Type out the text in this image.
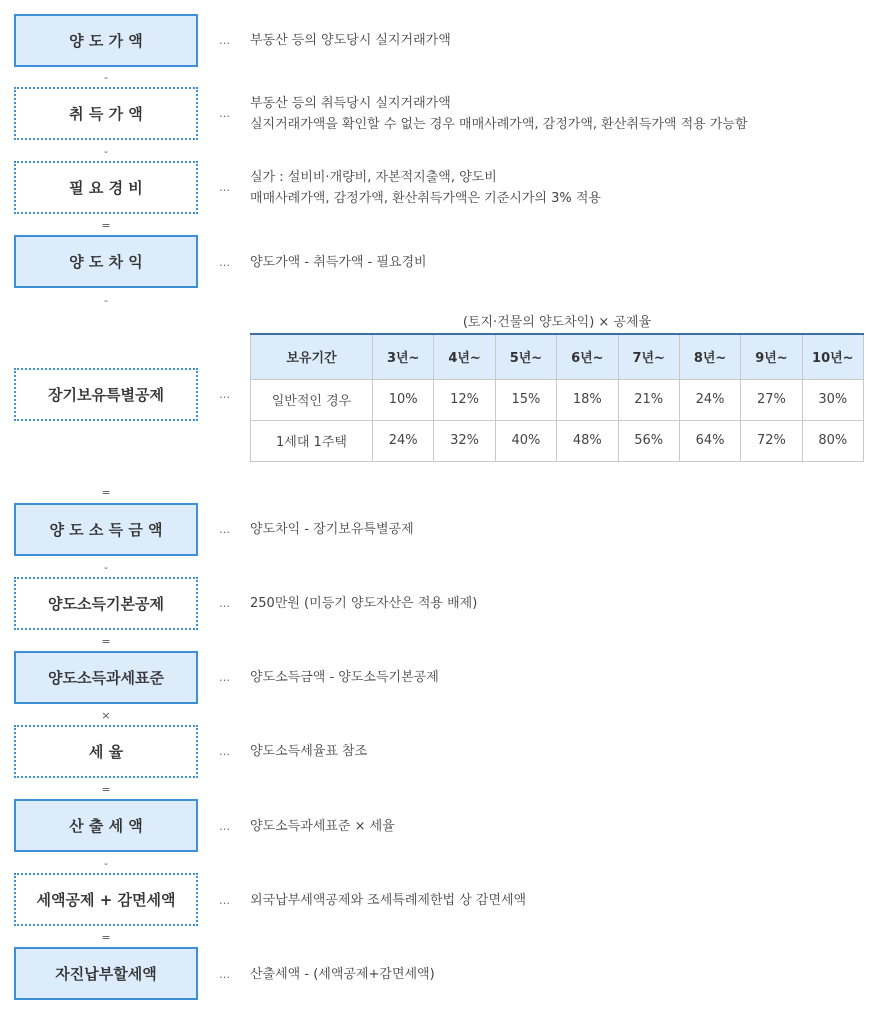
양 도 가 액	… 부동산 등의 양도당시 실지거래가액
-
취 득 가 액	…
부동산 등의 취득당시 실지거래가액
실지거래가액을 확인할 수 없는 경우 매매사례가액, 감정가액, 환산취득가액 적용 가능함
-
필 요 경 비	…
실가 : 설비비·개량비, 자본적지출액, 양도비
매매사례가액, 감정가액, 환산취득가액은 기준시가의 3% 적용
=
양 도 차 익	… 양도가액 - 취득가액 - 필요경비
-
장기보유특별공제	…
(토지·건물의 양도차익) × 공제율
보유기간	3년~	4년~	5년~	6년~	7년~	8년~	9년~	10년~
일반적인 경우	10%	12%	15%	18%	21%	24%	27%	30%
1세대 1주택	24%	32%	40%	48%	56%	64%	72%	80%
=
양 도 소 득 금 액	… 양도차익 - 장기보유특별공제
-
양도소득기본공제	… 250만원 (미등기 양도자산은 적용 배제)
=
양도소득과세표준	… 양도소득금액 - 양도소득기본공제
×
세 율	… 양도소득세율표 참조
=
산 출 세 액	… 양도소득과세표준 × 세율
-
세액공제 + 감면세액	… 외국납부세액공제와 조세특례제한법 상 감면세액
=
자진납부할세액	… 산출세액 - (세액공제+감면세액)
